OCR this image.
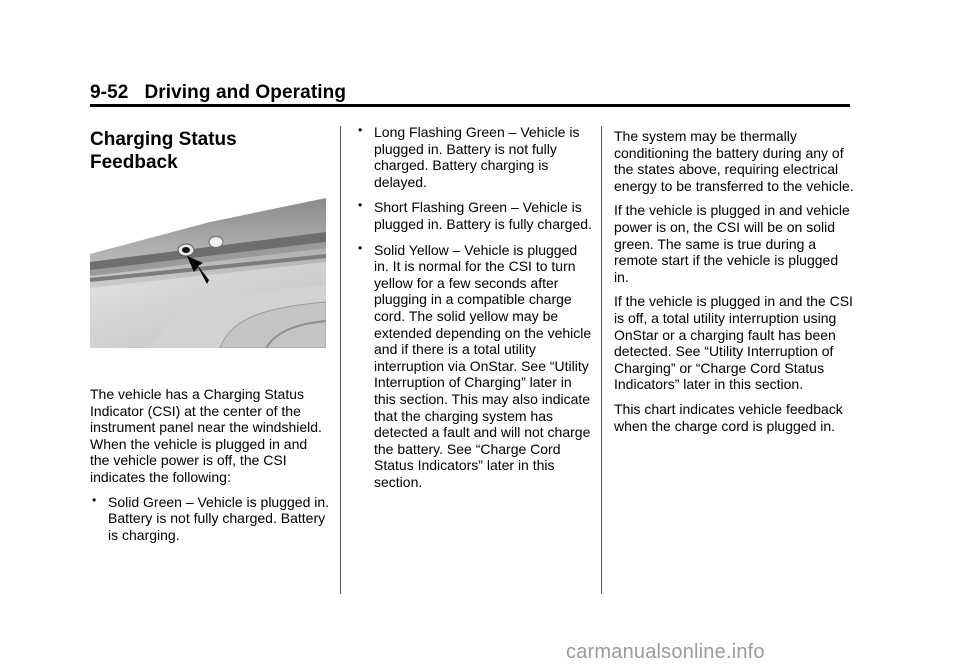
9-52 Driving and Operating
Charging Status
Feedback

The vehicle has a Charging Status Indicator (CSI) at the center of the instrument panel near the windshield. When the vehicle is plugged in and the vehicle power is off, the CSI indicates the following:

• Solid Green – Vehicle is plugged in. Battery is not fully charged. Battery is charging.
• Long Flashing Green – Vehicle is plugged in. Battery is not fully charged. Battery charging is delayed.
• Short Flashing Green – Vehicle is plugged in. Battery is fully charged.
• Solid Yellow – Vehicle is plugged in. It is normal for the CSI to turn yellow for a few seconds after plugging in a compatible charge cord. The solid yellow may be extended depending on the vehicle and if there is a total utility interruption via OnStar. See “Utility Interruption of Charging” later in this section. This may also indicate that the charging system has detected a fault and will not charge the battery. See “Charge Cord Status Indicators” later in this section.

The system may be thermally conditioning the battery during any of the states above, requiring electrical energy to be transferred to the vehicle.

If the vehicle is plugged in and vehicle power is on, the CSI will be on solid green. The same is true during a remote start if the vehicle is plugged in.

If the vehicle is plugged in and the CSI is off, a total utility interruption using OnStar or a charging fault has been detected. See “Utility Interruption of Charging” or “Charge Cord Status Indicators” later in this section.

This chart indicates vehicle feedback when the charge cord is plugged in.

carmanualsonline.info
